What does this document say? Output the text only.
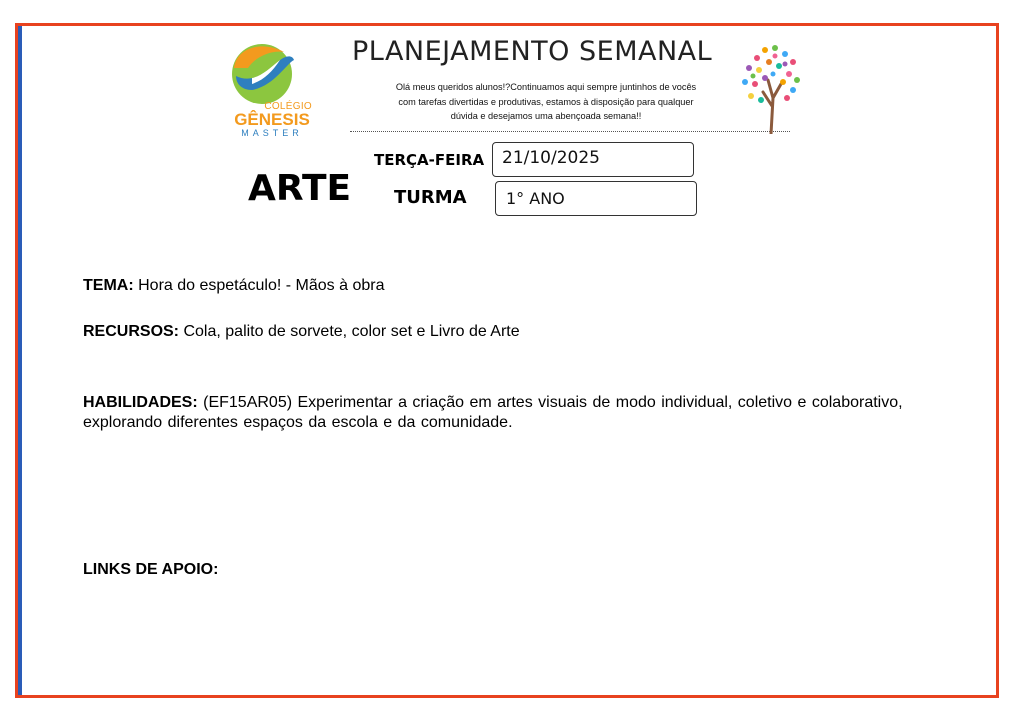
COLÉGIO
GÊNESIS
MASTER
PLANEJAMENTO SEMANAL
Olá meus queridos alunos!?Continuamos aqui sempre juntinhos de vocês
com tarefas divertidas e produtivas, estamos à disposição para qualquer
dúvida e desejamos uma abençoada semana!!
ARTE
TERÇA-FEIRA
TURMA
21/10/2025
1° ANO
TEMA: Hora do espetáculo! - Mãos à obra
RECURSOS: Cola, palito de sorvete, color set e Livro de Arte
HABILIDADES: (EF15AR05) Experimentar a criação em artes visuais de modo individual, coletivo e colaborativo, explorando diferentes espaços da escola e da comunidade.
LINKS DE APOIO:
